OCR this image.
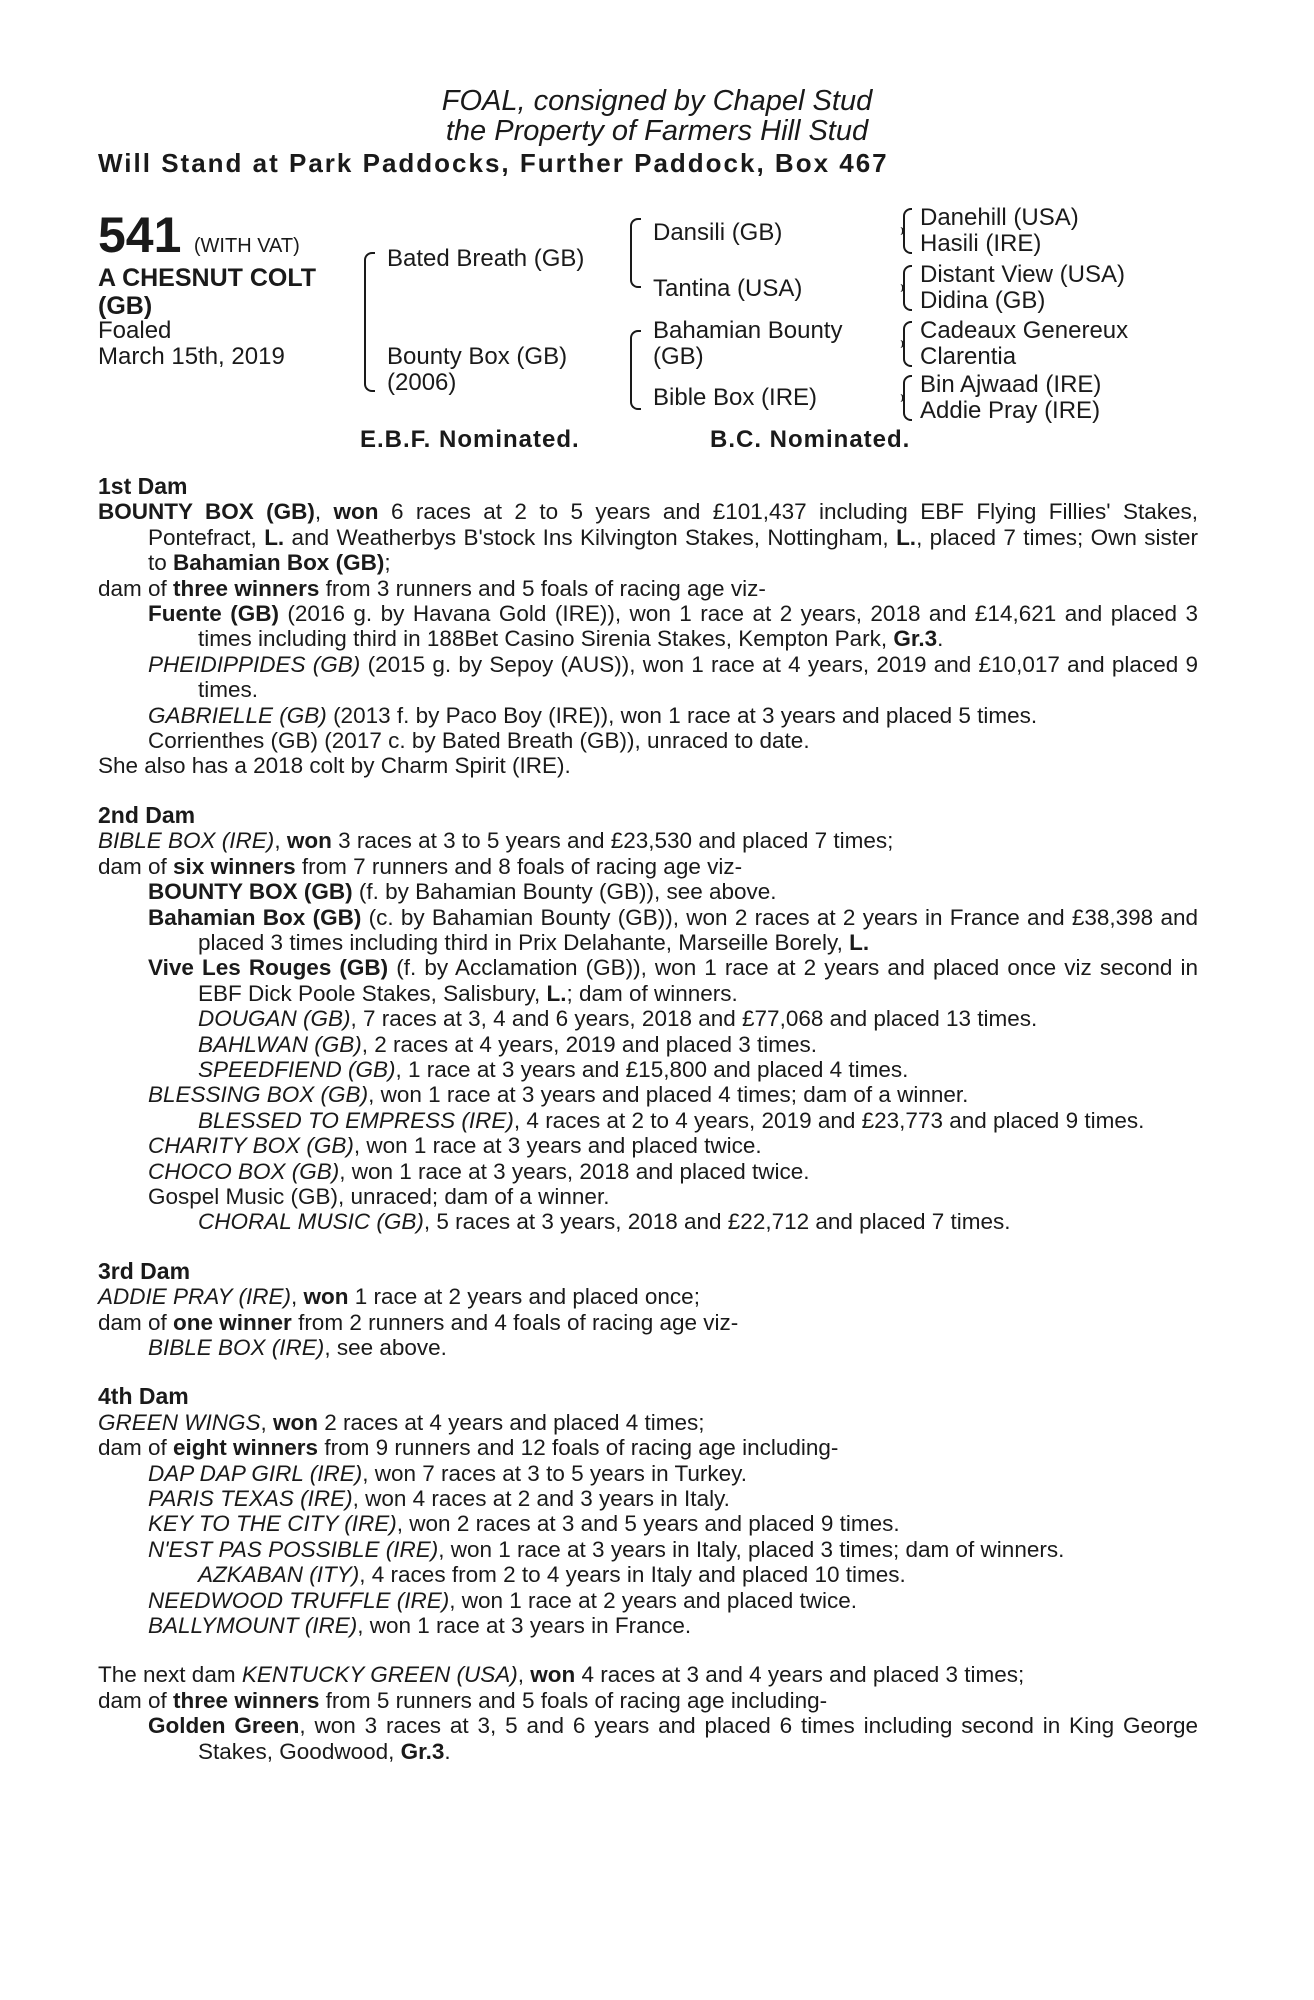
FOAL, consigned by Chapel Stud
the Property of Farmers Hill Stud
Will Stand at Park Paddocks, Further Paddock, Box 467
541 (WITH VAT)
A CHESNUT COLT
(GB)
Foaled
March 15th, 2019
Bated Breath (GB)
Bounty Box (GB)
(2006)
Dansili (GB)
Tantina (USA)
Bahamian Bounty
(GB)
Bible Box (IRE)
Danehill (USA)
Hasili (IRE)
Distant View (USA)
Didina (GB)
Cadeaux Genereux
Clarentia
Bin Ajwaad (IRE)
Addie Pray (IRE)
E.B.F. Nominated.	B.C. Nominated.

1st Dam

BOUNTY BOX (GB), won 6 races at 2 to 5 years and £101,437 including EBF Flying Fillies' Stakes, Pontefract, L. and Weatherbys B'stock Ins Kilvington Stakes, Nottingham, L., placed 7 times; Own sister to Bahamian Box (GB);

dam of three winners from 3 runners and 5 foals of racing age viz-

Fuente (GB) (2016 g. by Havana Gold (IRE)), won 1 race at 2 years, 2018 and £14,621 and placed 3 times including third in 188Bet Casino Sirenia Stakes, Kempton Park, Gr.3.

PHEIDIPPIDES (GB) (2015 g. by Sepoy (AUS)), won 1 race at 4 years, 2019 and £10,017 and placed 9 times.

GABRIELLE (GB) (2013 f. by Paco Boy (IRE)), won 1 race at 3 years and placed 5 times.

Corrienthes (GB) (2017 c. by Bated Breath (GB)), unraced to date.

She also has a 2018 colt by Charm Spirit (IRE).

2nd Dam

BIBLE BOX (IRE), won 3 races at 3 to 5 years and £23,530 and placed 7 times;

dam of six winners from 7 runners and 8 foals of racing age viz-

BOUNTY BOX (GB) (f. by Bahamian Bounty (GB)), see above.

Bahamian Box (GB) (c. by Bahamian Bounty (GB)), won 2 races at 2 years in France and £38,398 and placed 3 times including third in Prix Delahante, Marseille Borely, L.

Vive Les Rouges (GB) (f. by Acclamation (GB)), won 1 race at 2 years and placed once viz second in EBF Dick Poole Stakes, Salisbury, L.; dam of winners.

DOUGAN (GB), 7 races at 3, 4 and 6 years, 2018 and £77,068 and placed 13 times.

BAHLWAN (GB), 2 races at 4 years, 2019 and placed 3 times.

SPEEDFIEND (GB), 1 race at 3 years and £15,800 and placed 4 times.

BLESSING BOX (GB), won 1 race at 3 years and placed 4 times; dam of a winner.

BLESSED TO EMPRESS (IRE), 4 races at 2 to 4 years, 2019 and £23,773 and placed 9 times.

CHARITY BOX (GB), won 1 race at 3 years and placed twice.

CHOCO BOX (GB), won 1 race at 3 years, 2018 and placed twice.

Gospel Music (GB), unraced; dam of a winner.

CHORAL MUSIC (GB), 5 races at 3 years, 2018 and £22,712 and placed 7 times.

3rd Dam

ADDIE PRAY (IRE), won 1 race at 2 years and placed once;

dam of one winner from 2 runners and 4 foals of racing age viz-

BIBLE BOX (IRE), see above.

4th Dam

GREEN WINGS, won 2 races at 4 years and placed 4 times;

dam of eight winners from 9 runners and 12 foals of racing age including-

DAP DAP GIRL (IRE), won 7 races at 3 to 5 years in Turkey.

PARIS TEXAS (IRE), won 4 races at 2 and 3 years in Italy.

KEY TO THE CITY (IRE), won 2 races at 3 and 5 years and placed 9 times.

N'EST PAS POSSIBLE (IRE), won 1 race at 3 years in Italy, placed 3 times; dam of winners.

AZKABAN (ITY), 4 races from 2 to 4 years in Italy and placed 10 times.

NEEDWOOD TRUFFLE (IRE), won 1 race at 2 years and placed twice.

BALLYMOUNT (IRE), won 1 race at 3 years in France.

The next dam KENTUCKY GREEN (USA), won 4 races at 3 and 4 years and placed 3 times;

dam of three winners from 5 runners and 5 foals of racing age including-

Golden Green, won 3 races at 3, 5 and 6 years and placed 6 times including second in King George Stakes, Goodwood, Gr.3.
